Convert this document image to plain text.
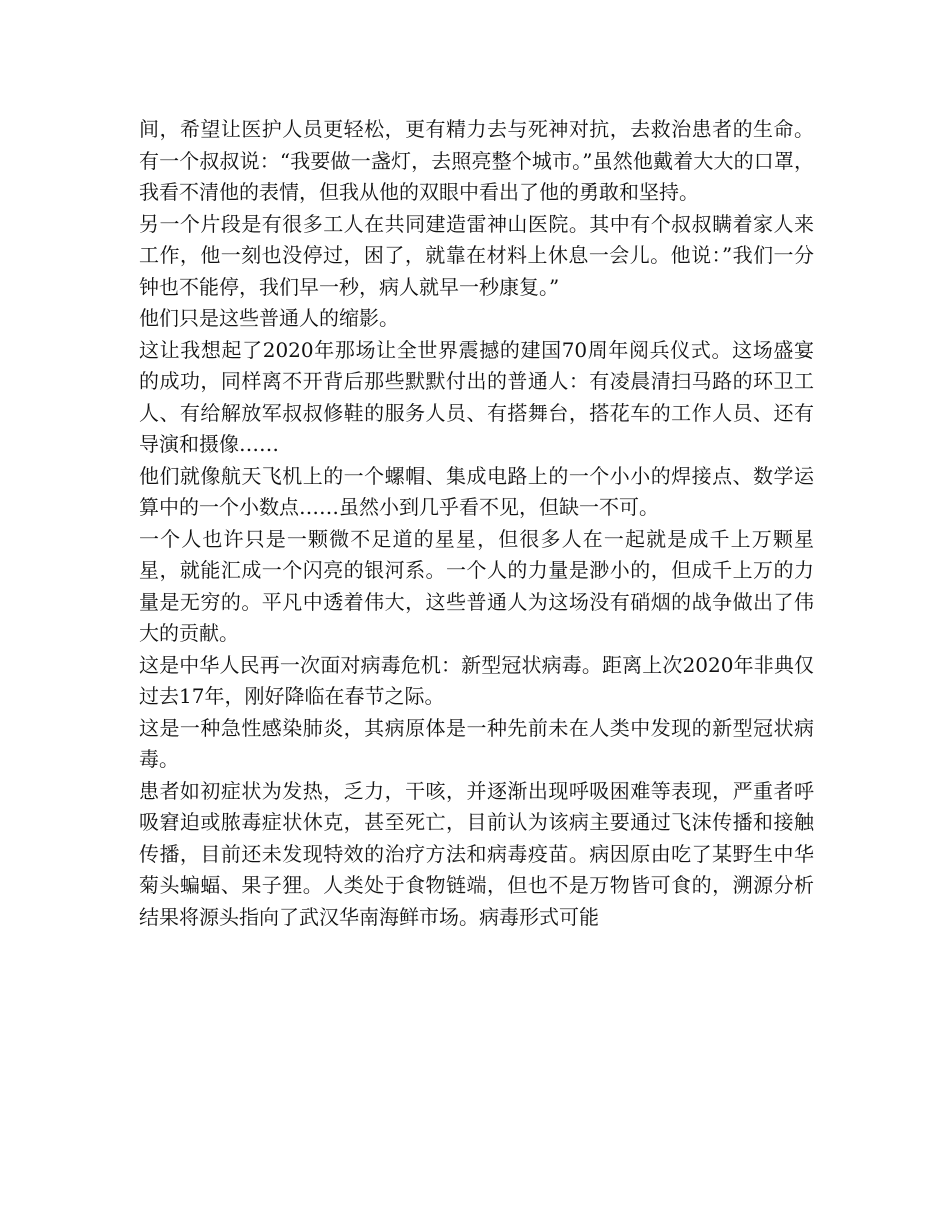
间，希望让医护人员更轻松，更有精力去与死神对抗，去救治患者的生命。有一个叔叔说：“我要做一盏灯，去照亮整个城市。”虽然他戴着大大的口罩，我看不清他的表情，但我从他的双眼中看出了他的勇敢和坚持。

另一个片段是有很多工人在共同建造雷神山医院。其中有个叔叔瞒着家人来工作，他一刻也没停过，困了，就靠在材料上休息一会儿。他说：”我们一分钟也不能停，我们早一秒，病人就早一秒康复。”

他们只是这些普通人的缩影。

这让我想起了2020年那场让全世界震撼的建国70周年阅兵仪式。这场盛宴的成功，同样离不开背后那些默默付出的普通人：有凌晨清扫马路的环卫工人、有给解放军叔叔修鞋的服务人员、有搭舞台，搭花车的工作人员、还有导演和摄像……

他们就像航天飞机上的一个螺帽、集成电路上的一个小小的焊接点、数学运算中的一个小数点……虽然小到几乎看不见，但缺一不可。

一个人也许只是一颗微不足道的星星，但很多人在一起就是成千上万颗星星，就能汇成一个闪亮的银河系。一个人的力量是渺小的，但成千上万的力量是无穷的。平凡中透着伟大，这些普通人为这场没有硝烟的战争做出了伟大的贡献。

这是中华人民再一次面对病毒危机：新型冠状病毒。距离上次2020年非典仅过去17年，刚好降临在春节之际。

这是一种急性感染肺炎，其病原体是一种先前未在人类中发现的新型冠状病毒。

患者如初症状为发热，乏力，干咳，并逐渐出现呼吸困难等表现，严重者呼吸窘迫或脓毒症状休克，甚至死亡，目前认为该病主要通过飞沫传播和接触传播，目前还未发现特效的治疗方法和病毒疫苗。病因原由吃了某野生中华菊头蝙蝠、果子狸。人类处于食物链端，但也不是万物皆可食的，溯源分析结果将源头指向了武汉华南海鲜市场。病毒形式可能
